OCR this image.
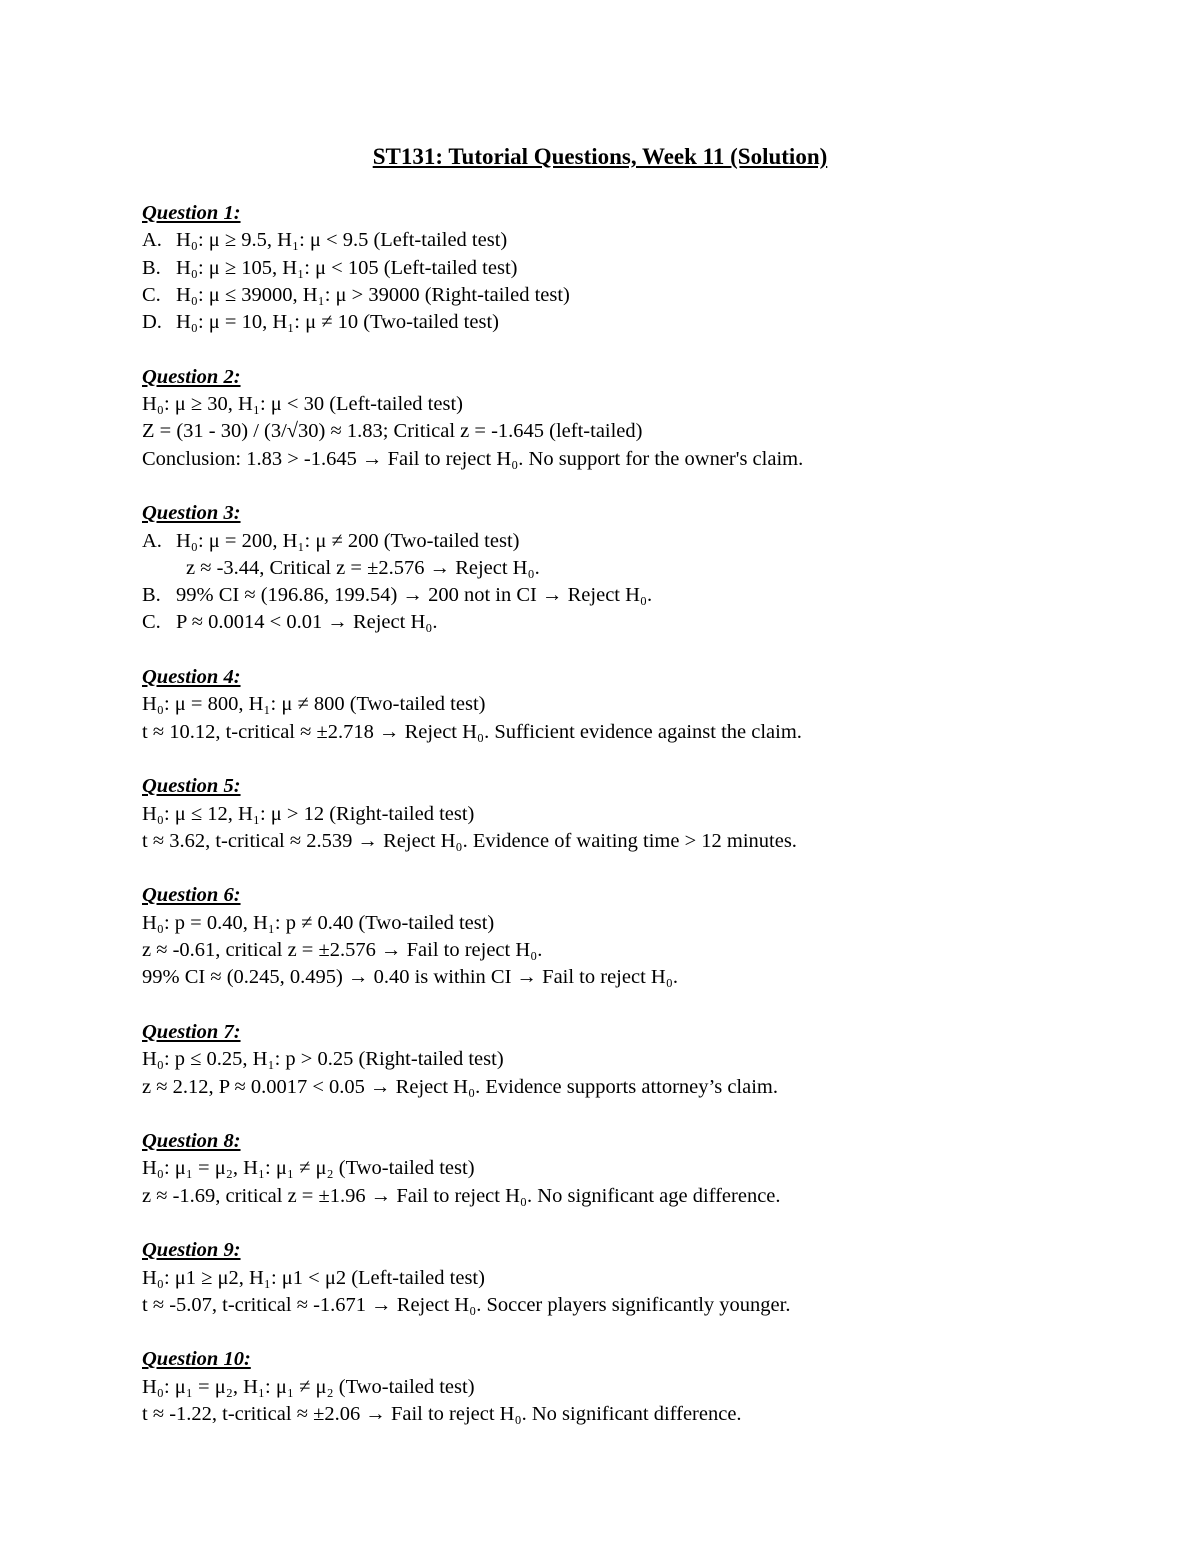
ST131: Tutorial Questions, Week 11 (Solution)
Question 1:
A. H₀: μ ≥ 9.5, H₁: μ < 9.5 (Left-tailed test)
B. H₀: μ ≥ 105, H₁: μ < 105 (Left-tailed test)
C. H₀: μ ≤ 39000, H₁: μ > 39000 (Right-tailed test)
D. H₀: μ = 10, H₁: μ ≠ 10 (Two-tailed test)
Question 2:
H₀: μ ≥ 30, H₁: μ < 30 (Left-tailed test)
Z = (31 - 30) / (3/√30) ≈ 1.83; Critical z = -1.645 (left-tailed)
Conclusion: 1.83 > -1.645 → Fail to reject H₀. No support for the owner's claim.
Question 3:
A. H₀: μ = 200, H₁: μ ≠ 200 (Two-tailed test)
z ≈ -3.44, Critical z = ±2.576 → Reject H₀.
B. 99% CI ≈ (196.86, 199.54) → 200 not in CI → Reject H₀.
C. P ≈ 0.0014 < 0.01 → Reject H₀.
Question 4:
H₀: μ = 800, H₁: μ ≠ 800 (Two-tailed test)
t ≈ 10.12, t-critical ≈ ±2.718 → Reject H₀. Sufficient evidence against the claim.
Question 5:
H₀: μ ≤ 12, H₁: μ > 12 (Right-tailed test)
t ≈ 3.62, t-critical ≈ 2.539 → Reject H₀. Evidence of waiting time > 12 minutes.
Question 6:
H₀: p = 0.40, H₁: p ≠ 0.40 (Two-tailed test)
z ≈ -0.61, critical z = ±2.576 → Fail to reject H₀.
99% CI ≈ (0.245, 0.495) → 0.40 is within CI → Fail to reject H₀.
Question 7:
H₀: p ≤ 0.25, H₁: p > 0.25 (Right-tailed test)
z ≈ 2.12, P ≈ 0.0017 < 0.05 → Reject H₀. Evidence supports attorney’s claim.
Question 8:
H₀: μ₁ = μ₂, H₁: μ₁ ≠ μ₂ (Two-tailed test)
z ≈ -1.69, critical z = ±1.96 → Fail to reject H₀. No significant age difference.
Question 9:
H₀: μ1 ≥ μ2, H₁: μ1 < μ2 (Left-tailed test)
t ≈ -5.07, t-critical ≈ -1.671 → Reject H₀. Soccer players significantly younger.
Question 10:
H₀: μ₁ = μ₂, H₁: μ₁ ≠ μ₂ (Two-tailed test)
t ≈ -1.22, t-critical ≈ ±2.06 → Fail to reject H₀. No significant difference.
